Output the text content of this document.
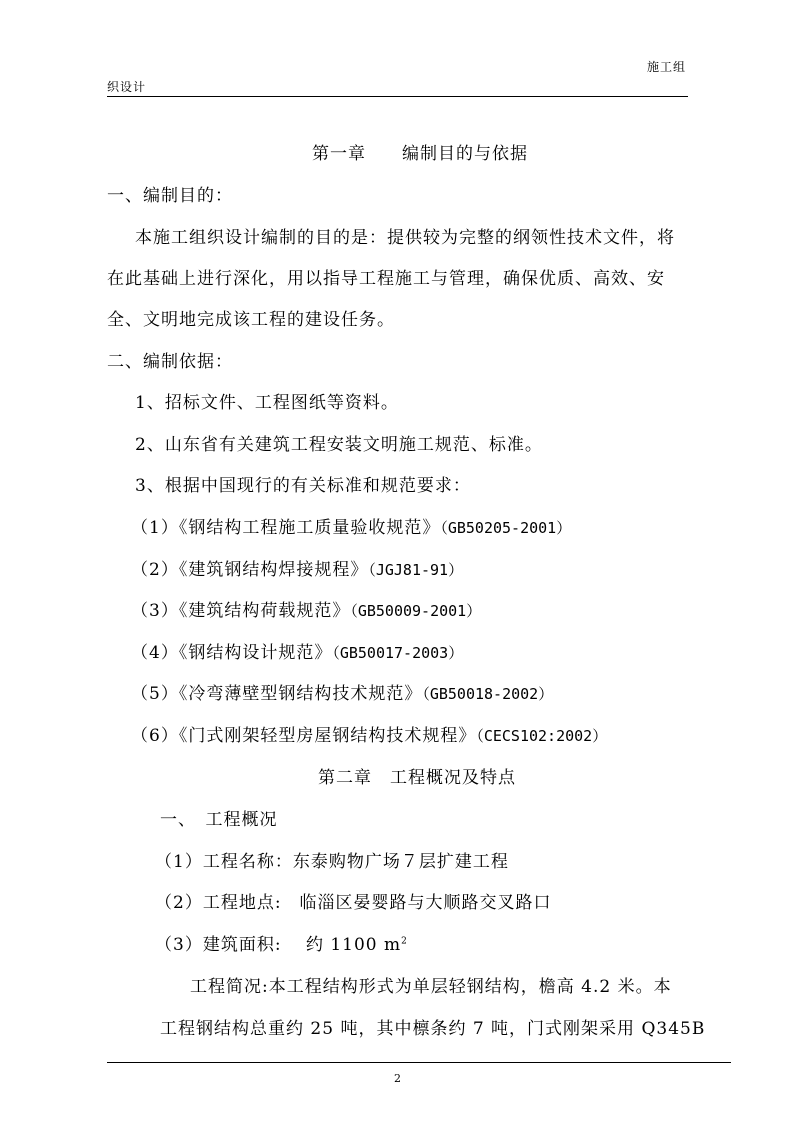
施工组
织设计
第一章　　编制目的与依据
一、编制目的：
本施工组织设计编制的目的是：提供较为完整的纲领性技术文件，将
在此基础上进行深化，用以指导工程施工与管理，确保优质、高效、安
全、文明地完成该工程的建设任务。
二、编制依据：
1、招标文件、工程图纸等资料。
2、山东省有关建筑工程安装文明施工规范、标准。
3、根据中国现行的有关标准和规范要求：
（1）《钢结构工程施工质量验收规范》（GB50205-2001）
（2）《建筑钢结构焊接规程》（JGJ81-91）
（3）《建筑结构荷载规范》（GB50009-2001）
（4）《钢结构设计规范》（GB50017-2003）
（5）《冷弯薄壁型钢结构技术规范》（GB50018-2002）
（6）《门式刚架轻型房屋钢结构技术规程》（CECS102:2002）
第二章　工程概况及特点
一、　工程概况
（1）工程名称：东泰购物广场７层扩建工程
（2）工程地点:　临淄区晏婴路与大顺路交叉路口
（3）建筑面积:　 约 1100 $m^2$
工程简况:本工程结构形式为单层轻钢结构，檐高 4.2 米。本
工程钢结构总重约 25 吨，其中檩条约 7 吨，门式刚架采用 Q345B
2
